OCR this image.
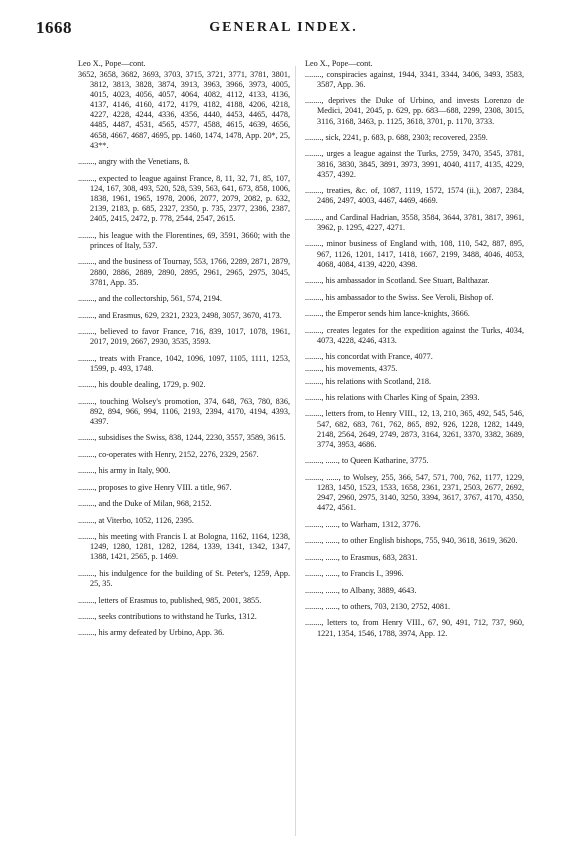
1668	GENERAL INDEX.
Leo X., Pope—cont.
3652, 3658, 3682, 3693, 3703, 3715, 3721, 3771, 3781, 3801, 3812, 3813, 3828, 3874, 3913, 3963, 3966, 3973, 4005, 4015, 4023, 4056, 4057, 4064, 4082, 4112, 4133, 4136, 4137, 4146, 4160, 4172, 4179, 4182, 4188, 4206, 4218, 4227, 4228, 4244, 4336, 4356, 4440, 4453, 4465, 4478, 4485, 4487, 4531, 4565, 4577, 4588, 4615, 4639, 4656, 4658, 4667, 4687, 4695, pp. 1460, 1474, 1478, App. 20*, 25, 43**.
........, angry with the Venetians, 8.
........, expected to league against France, 8, 11, 32, 71, 85, 107, 124, 167, 308, 493, 520, 528, 539, 563, 641, 673, 858, 1006, 1838, 1961, 1965, 1978, 2006, 2077, 2079, 2082, p. 632, 2139, 2183, p. 685, 2327, 2350, p. 735, 2377, 2386, 2387, 2405, 2415, 2472, p. 778, 2544, 2547, 2615.
........, his league with the Florentines, 69, 3591, 3660; with the princes of Italy, 537.
........, and the business of Tournay, 553, 1766, 2289, 2871, 2879, 2880, 2886, 2889, 2890, 2895, 2961, 2965, 2975, 3045, 3781, App. 35.
........, and the collectorship, 561, 574, 2194.
........, and Erasmus, 629, 2321, 2323, 2498, 3057, 3670, 4173.
........, believed to favor France, 716, 839, 1017, 1078, 1961, 2017, 2019, 2667, 2930, 3535, 3593.
........, treats with France, 1042, 1096, 1097, 1105, 1111, 1253, 1599, p. 493, 1748.
........, his double dealing, 1729, p. 902.
........, touching Wolsey's promotion, 374, 648, 763, 780, 836, 892, 894, 966, 994, 1106, 2193, 2394, 4170, 4194, 4393, 4397.
........, subsidises the Swiss, 838, 1244, 2230, 3557, 3589, 3615.
........, co-operates with Henry, 2152, 2276, 2329, 2567.
........, his army in Italy, 900.
........, proposes to give Henry VIII. a title, 967.
........, and the Duke of Milan, 968, 2152.
........, at Viterbo, 1052, 1126, 2395.
........, his meeting with Francis I. at Bologna, 1162, 1164, 1238, 1249, 1280, 1281, 1282, 1284, 1339, 1341, 1342, 1347, 1388, 1421, 2565, p. 1469.
........, his indulgence for the building of St. Peter's, 1259, App. 25, 35.
........, letters of Erasmus to, published, 985, 2001, 3855.
........, seeks contributions to withstand he Turks, 1312.
........, his army defeated by Urbino, App. 36.
Leo X., Pope—cont.
........, conspiracies against, 1944, 3341, 3344, 3406, 3493, 3583, 3587, App. 36.
........, deprives the Duke of Urbino, and invests Lorenzo de Medici, 2041, 2045, p. 629, pp. 683—688, 2299, 2308, 3015, 3116, 3168, 3463, p. 1125, 3618, 3701, p. 1170, 3733.
........, sick, 2241, p. 683, p. 688, 2303; recovered, 2359.
........, urges a league against the Turks, 2759, 3470, 3545, 3781, 3816, 3830, 3845, 3891, 3973, 3991, 4040, 4117, 4135, 4229, 4357, 4392.
........, treaties, &c. of, 1087, 1119, 1572, 1574 (ii.), 2087, 2384, 2486, 2497, 4003, 4467, 4469, 4669.
........, and Cardinal Hadrian, 3558, 3584, 3644, 3781, 3817, 3961, 3962, p. 1295, 4227, 4271.
........, minor business of England with, 108, 110, 542, 887, 895, 967, 1126, 1201, 1417, 1418, 1667, 2199, 3488, 4046, 4053, 4068, 4084, 4139, 4220, 4398.
........, his ambassador in Scotland. See Stuart, Balthazar.
........, his ambassador to the Swiss. See Veroli, Bishop of.
........, the Emperor sends him lance-knights, 3666.
........, creates legates for the expedition against the Turks, 4034, 4073, 4228, 4246, 4313.
........, his concordat with France, 4077.
........, his movements, 4375.
........, his relations with Scotland, 218.
........, his relations with Charles King of Spain, 2393.
........, letters from, to Henry VIII., 12, 13, 210, 365, 492, 545, 546, 547, 682, 683, 761, 762, 865, 892, 926, 1228, 1282, 1449, 2148, 2564, 2649, 2749, 2873, 3164, 3261, 3370, 3382, 3689, 3774, 3953, 4686.
........, ......, to Queen Katharine, 3775.
........, ......, to Wolsey, 255, 366, 547, 571, 700, 762, 1177, 1229, 1283, 1450, 1523, 1533, 1658, 2361, 2371, 2503, 2677, 2692, 2947, 2960, 2975, 3140, 3250, 3394, 3617, 3767, 4170, 4350, 4472, 4561.
........, ......, to Warham, 1312, 3776.
........, ......, to other English bishops, 755, 940, 3618, 3619, 3620.
........, ......, to Erasmus, 683, 2831.
........, ......, to Francis I., 3996.
........, ......, to Albany, 3889, 4643.
........, ......, to others, 703, 2130, 2752, 4081.
........, letters to, from Henry VIII., 67, 90, 491, 712, 737, 960, 1221, 1354, 1546, 1788, 3974, App. 12.
